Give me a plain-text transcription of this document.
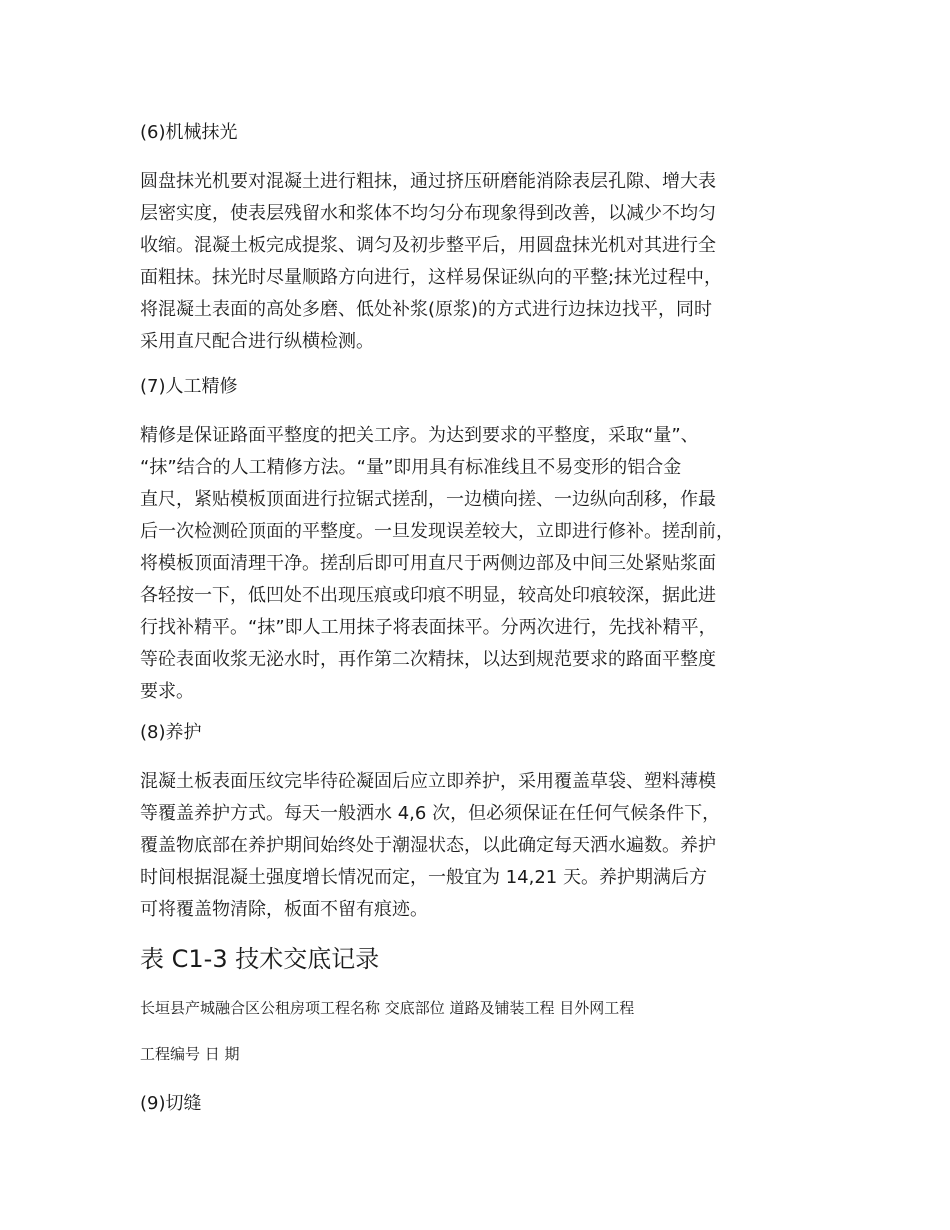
(6)机械抹光
圆盘抹光机要对混凝土进行粗抹，通过挤压研磨能消除表层孔隙、增大表
层密实度，使表层残留水和浆体不均匀分布现象得到改善，以减少不均匀
收缩。混凝土板完成提浆、调匀及初步整平后，用圆盘抹光机对其进行全
面粗抹。抹光时尽量顺路方向进行，这样易保证纵向的平整;抹光过程中，
将混凝土表面的高处多磨、低处补浆(原浆)的方式进行边抹边找平，同时
采用直尺配合进行纵横检测。
(7)人工精修
精修是保证路面平整度的把关工序。为达到要求的平整度，采取“量”、
“抹”结合的人工精修方法。“量”即用具有标准线且不易变形的铝合金
直尺，紧贴模板顶面进行拉锯式搓刮，一边横向搓、一边纵向刮移，作最
后一次检测砼顶面的平整度。一旦发现误差较大，立即进行修补。搓刮前，
将模板顶面清理干净。搓刮后即可用直尺于两侧边部及中间三处紧贴浆面
各轻按一下，低凹处不出现压痕或印痕不明显，较高处印痕较深，据此进
行找补精平。“抹”即人工用抹子将表面抹平。分两次进行，先找补精平，
等砼表面收浆无泌水时，再作第二次精抹，以达到规范要求的路面平整度
要求。
(8)养护
混凝土板表面压纹完毕待砼凝固后应立即养护，采用覆盖草袋、塑料薄模
等覆盖养护方式。每天一般洒水 4,6 次，但必须保证在任何气候条件下，
覆盖物底部在养护期间始终处于潮湿状态，以此确定每天洒水遍数。养护
时间根据混凝土强度增长情况而定，一般宜为 14,21 天。养护期满后方
可将覆盖物清除，板面不留有痕迹。
表 C1-3 技术交底记录
长垣县产城融合区公租房项工程名称 交底部位 道路及铺装工程 目外网工程
工程编号 日 期
(9)切缝
